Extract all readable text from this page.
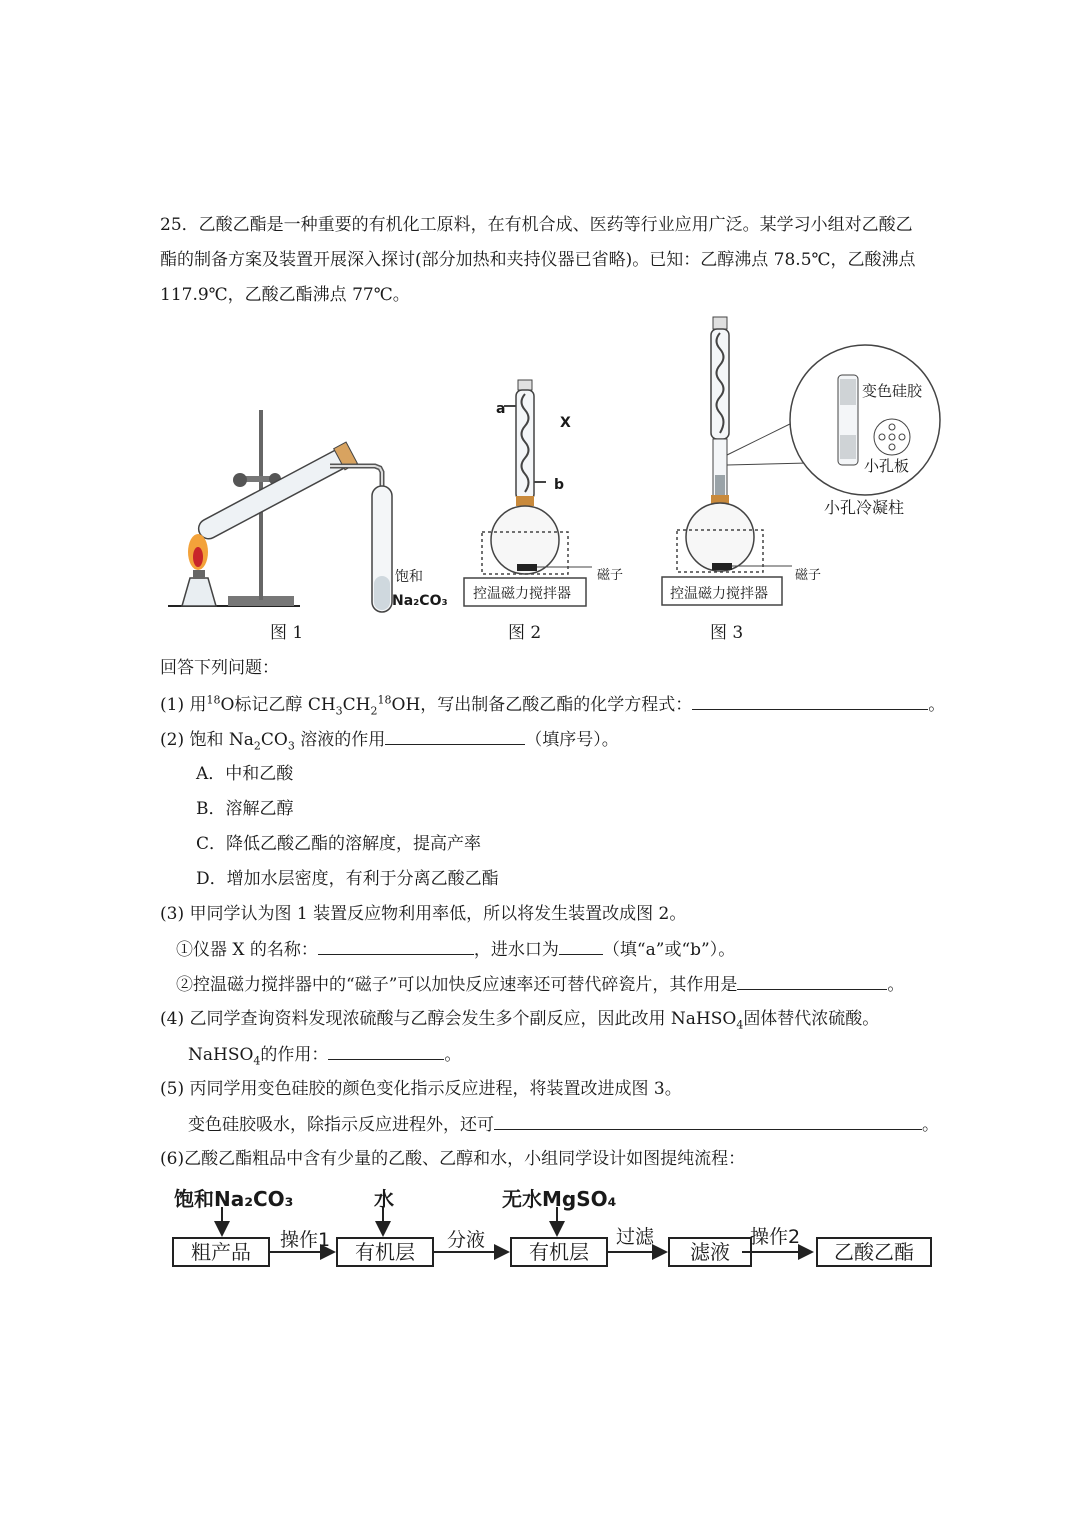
25．乙酸乙酯是一种重要的有机化工原料，在有机合成、医药等行业应用广泛。某学习小组对乙酸乙
酯的制备方案及装置开展深入探讨(部分加热和夹持仪器已省略)。已知：乙醇沸点 78.5℃，乙酸沸点
117.9℃，乙酸乙酯沸点 77℃。
饱和
Na₂CO₃
图 1
a
b
X
磁子
控温磁力搅拌器
图 2
变色硅胶
小孔板
小孔冷凝柱
磁子
控温磁力搅拌器
图 3
回答下列问题：
(1) 用$^{18}$O标记乙醇 $CH_3CH_2^{18}OH$，写出制备乙酸乙酯的化学方程式：	。
(2) 饱和 $Na_2CO_3$ 溶液的作用	（填序号）。
A．中和乙酸
B．溶解乙醇
C．降低乙酸乙酯的溶解度，提高产率
D．增加水层密度，有利于分离乙酸乙酯
(3) 甲同学认为图 1 装置反应物利用率低，所以将发生装置改成图 2。
①仪器 X 的名称：	，进水口为	（填“a”或“b”）。
②控温磁力搅拌器中的“磁子”可以加快反应速率还可替代碎瓷片，其作用是	。
(4) 乙同学查询资料发现浓硫酸与乙醇会发生多个副反应，因此改用 NaHSO$_4$固体替代浓硫酸。
NaHSO$_4$的作用：	。
(5) 丙同学用变色硅胶的颜色变化指示反应进程，将装置改进成图 3。
变色硅胶吸水，除指示反应进程外，还可	。
(6)乙酸乙酯粗品中含有少量的乙酸、乙醇和水，小组同学设计如图提纯流程：
饱和Na₂CO₃	水	无水MgSO₄
粗产品	有机层	有机层	滤液	乙酸乙酯
操作1	分液	过滤	操作2
